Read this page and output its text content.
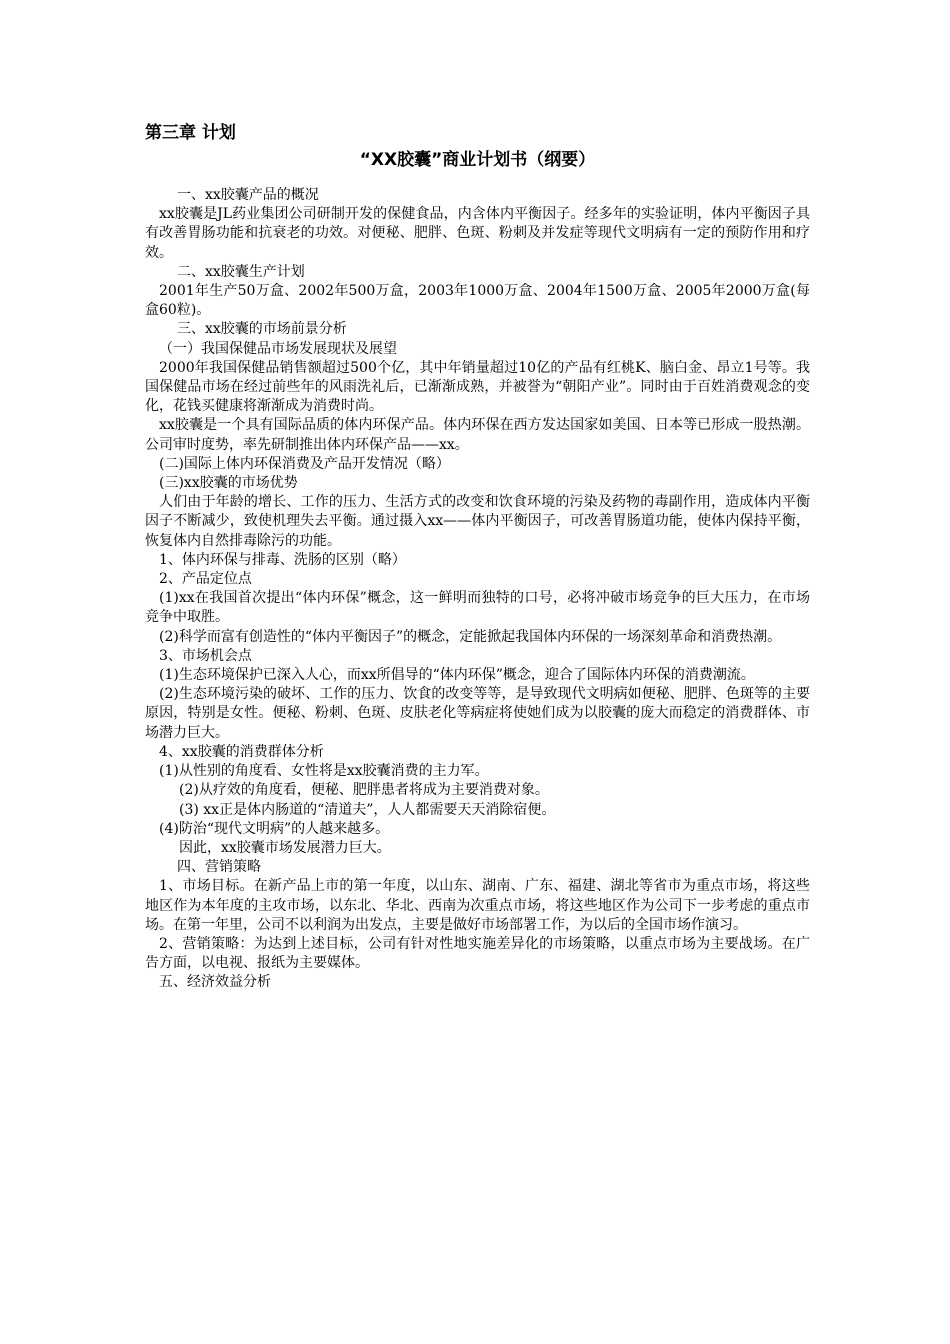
第三章 计划

“XX胶囊”商业计划书（纲要）

一、xx胶囊产品的概况

xx胶囊是JL药业集团公司研制开发的保健食品，内含体内平衡因子。经多年的实验证明，体内平衡因子具有改善胃肠功能和抗衰老的功效。对便秘、肥胖、色斑、粉刺及并发症等现代文明病有一定的预防作用和疗效。

二、xx胶囊生产计划

2001年生产50万盒、2002年500万盒，2003年1000万盒、2004年1500万盒、2005年2000万盒(每盒60粒)。

三、xx胶囊的市场前景分析

（一）我国保健品市场发展现状及展望

2000年我国保健品销售额超过500个亿，其中年销量超过10亿的产品有红桃K、脑白金、昂立1号等。我国保健品市场在经过前些年的风雨洗礼后，已渐渐成熟，并被誉为“朝阳产业”。同时由于百姓消费观念的变化，花钱买健康将渐渐成为消费时尚。

xx胶囊是一个具有国际品质的体内环保产品。体内环保在西方发达国家如美国、日本等已形成一股热潮。公司审时度势，率先研制推出体内环保产品——xx。

(二)国际上体内环保消费及产品开发情况（略）

(三)xx胶囊的市场优势

人们由于年龄的增长、工作的压力、生活方式的改变和饮食环境的污染及药物的毒副作用，造成体内平衡因子不断减少，致使机理失去平衡。通过摄入xx——体内平衡因子，可改善胃肠道功能，使体内保持平衡，恢复体内自然排毒除污的功能。

1、体内环保与排毒、洗肠的区别（略）

2、产品定位点

(1)xx在我国首次提出“体内环保”概念，这一鲜明而独特的口号，必将冲破市场竞争的巨大压力，在市场竞争中取胜。

(2)科学而富有创造性的“体内平衡因子”的概念，定能掀起我国体内环保的一场深刻革命和消费热潮。

3、市场机会点

(1)生态环境保护已深入人心，而xx所倡导的“体内环保”概念，迎合了国际体内环保的消费潮流。

(2)生态环境污染的破坏、工作的压力、饮食的改变等等，是导致现代文明病如便秘、肥胖、色斑等的主要原因，特别是女性。便秘、粉刺、色斑、皮肤老化等病症将使她们成为以胶囊的庞大而稳定的消费群体、市场潜力巨大。

4、xx胶囊的消费群体分析

(1)从性别的角度看、女性将是xx胶囊消费的主力军。

(2)从疗效的角度看，便秘、肥胖患者将成为主要消费对象。

(3) xx正是体内肠道的“清道夫”，人人都需要天天消除宿便。

(4)防治“现代文明病”的人越来越多。

因此，xx胶囊市场发展潜力巨大。

四、营销策略

1、市场目标。在新产品上市的第一年度，以山东、湖南、广东、福建、湖北等省市为重点市场，将这些地区作为本年度的主攻市场，以东北、华北、西南为次重点市场，将这些地区作为公司下一步考虑的重点市场。在第一年里，公司不以利润为出发点，主要是做好市场部署工作，为以后的全国市场作演习。

2、营销策略：为达到上述目标，公司有针对性地实施差异化的市场策略，以重点市场为主要战场。在广告方面，以电视、报纸为主要媒体。

五、经济效益分析
